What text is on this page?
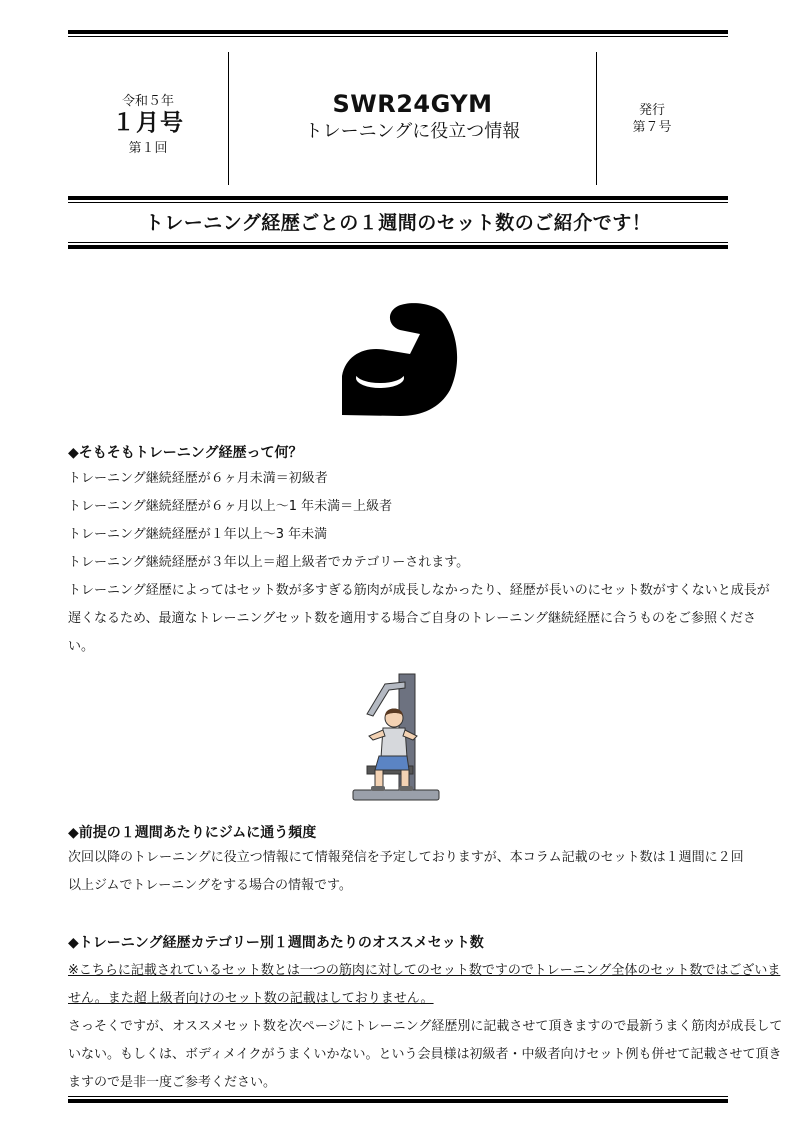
令和５年
１月号
第１回
SWR24GYM
トレーニングに役立つ情報
発行
第７号
トレーニング経歴ごとの１週間のセット数のご紹介です！
◆そもそもトレーニング経歴って何？
トレーニング継続経歴が６ヶ月未満＝初級者
トレーニング継続経歴が６ヶ月以上～1 年未満＝上級者
トレーニング継続経歴が１年以上～3 年未満
トレーニング継続経歴が３年以上＝超上級者でカテゴリーされます。
トレーニング経歴によってはセット数が多すぎる筋肉が成長しなかったり、経歴が長いのにセット数がすくないと成長が
遅くなるため、最適なトレーニングセット数を適用する場合ご自身のトレーニング継続経歴に合うものをご参照くださ
い。
◆前提の１週間あたりにジムに通う頻度
次回以降のトレーニングに役立つ情報にて情報発信を予定しておりますが、本コラム記載のセット数は１週間に２回
以上ジムでトレーニングをする場合の情報です。
◆トレーニング経歴カテゴリー別１週間あたりのオススメセット数
※こちらに記載されているセット数とは一つの筋肉に対してのセット数ですのでトレーニング全体のセット数ではございま
せん。また超上級者向けのセット数の記載はしておりません。
さっそくですが、オススメセット数を次ページにトレーニング経歴別に記載させて頂きますので最新うまく筋肉が成長して
いない。もしくは、ボディメイクがうまくいかない。という会員様は初級者・中級者向けセット例も併せて記載させて頂き
ますので是非一度ご参考ください。
